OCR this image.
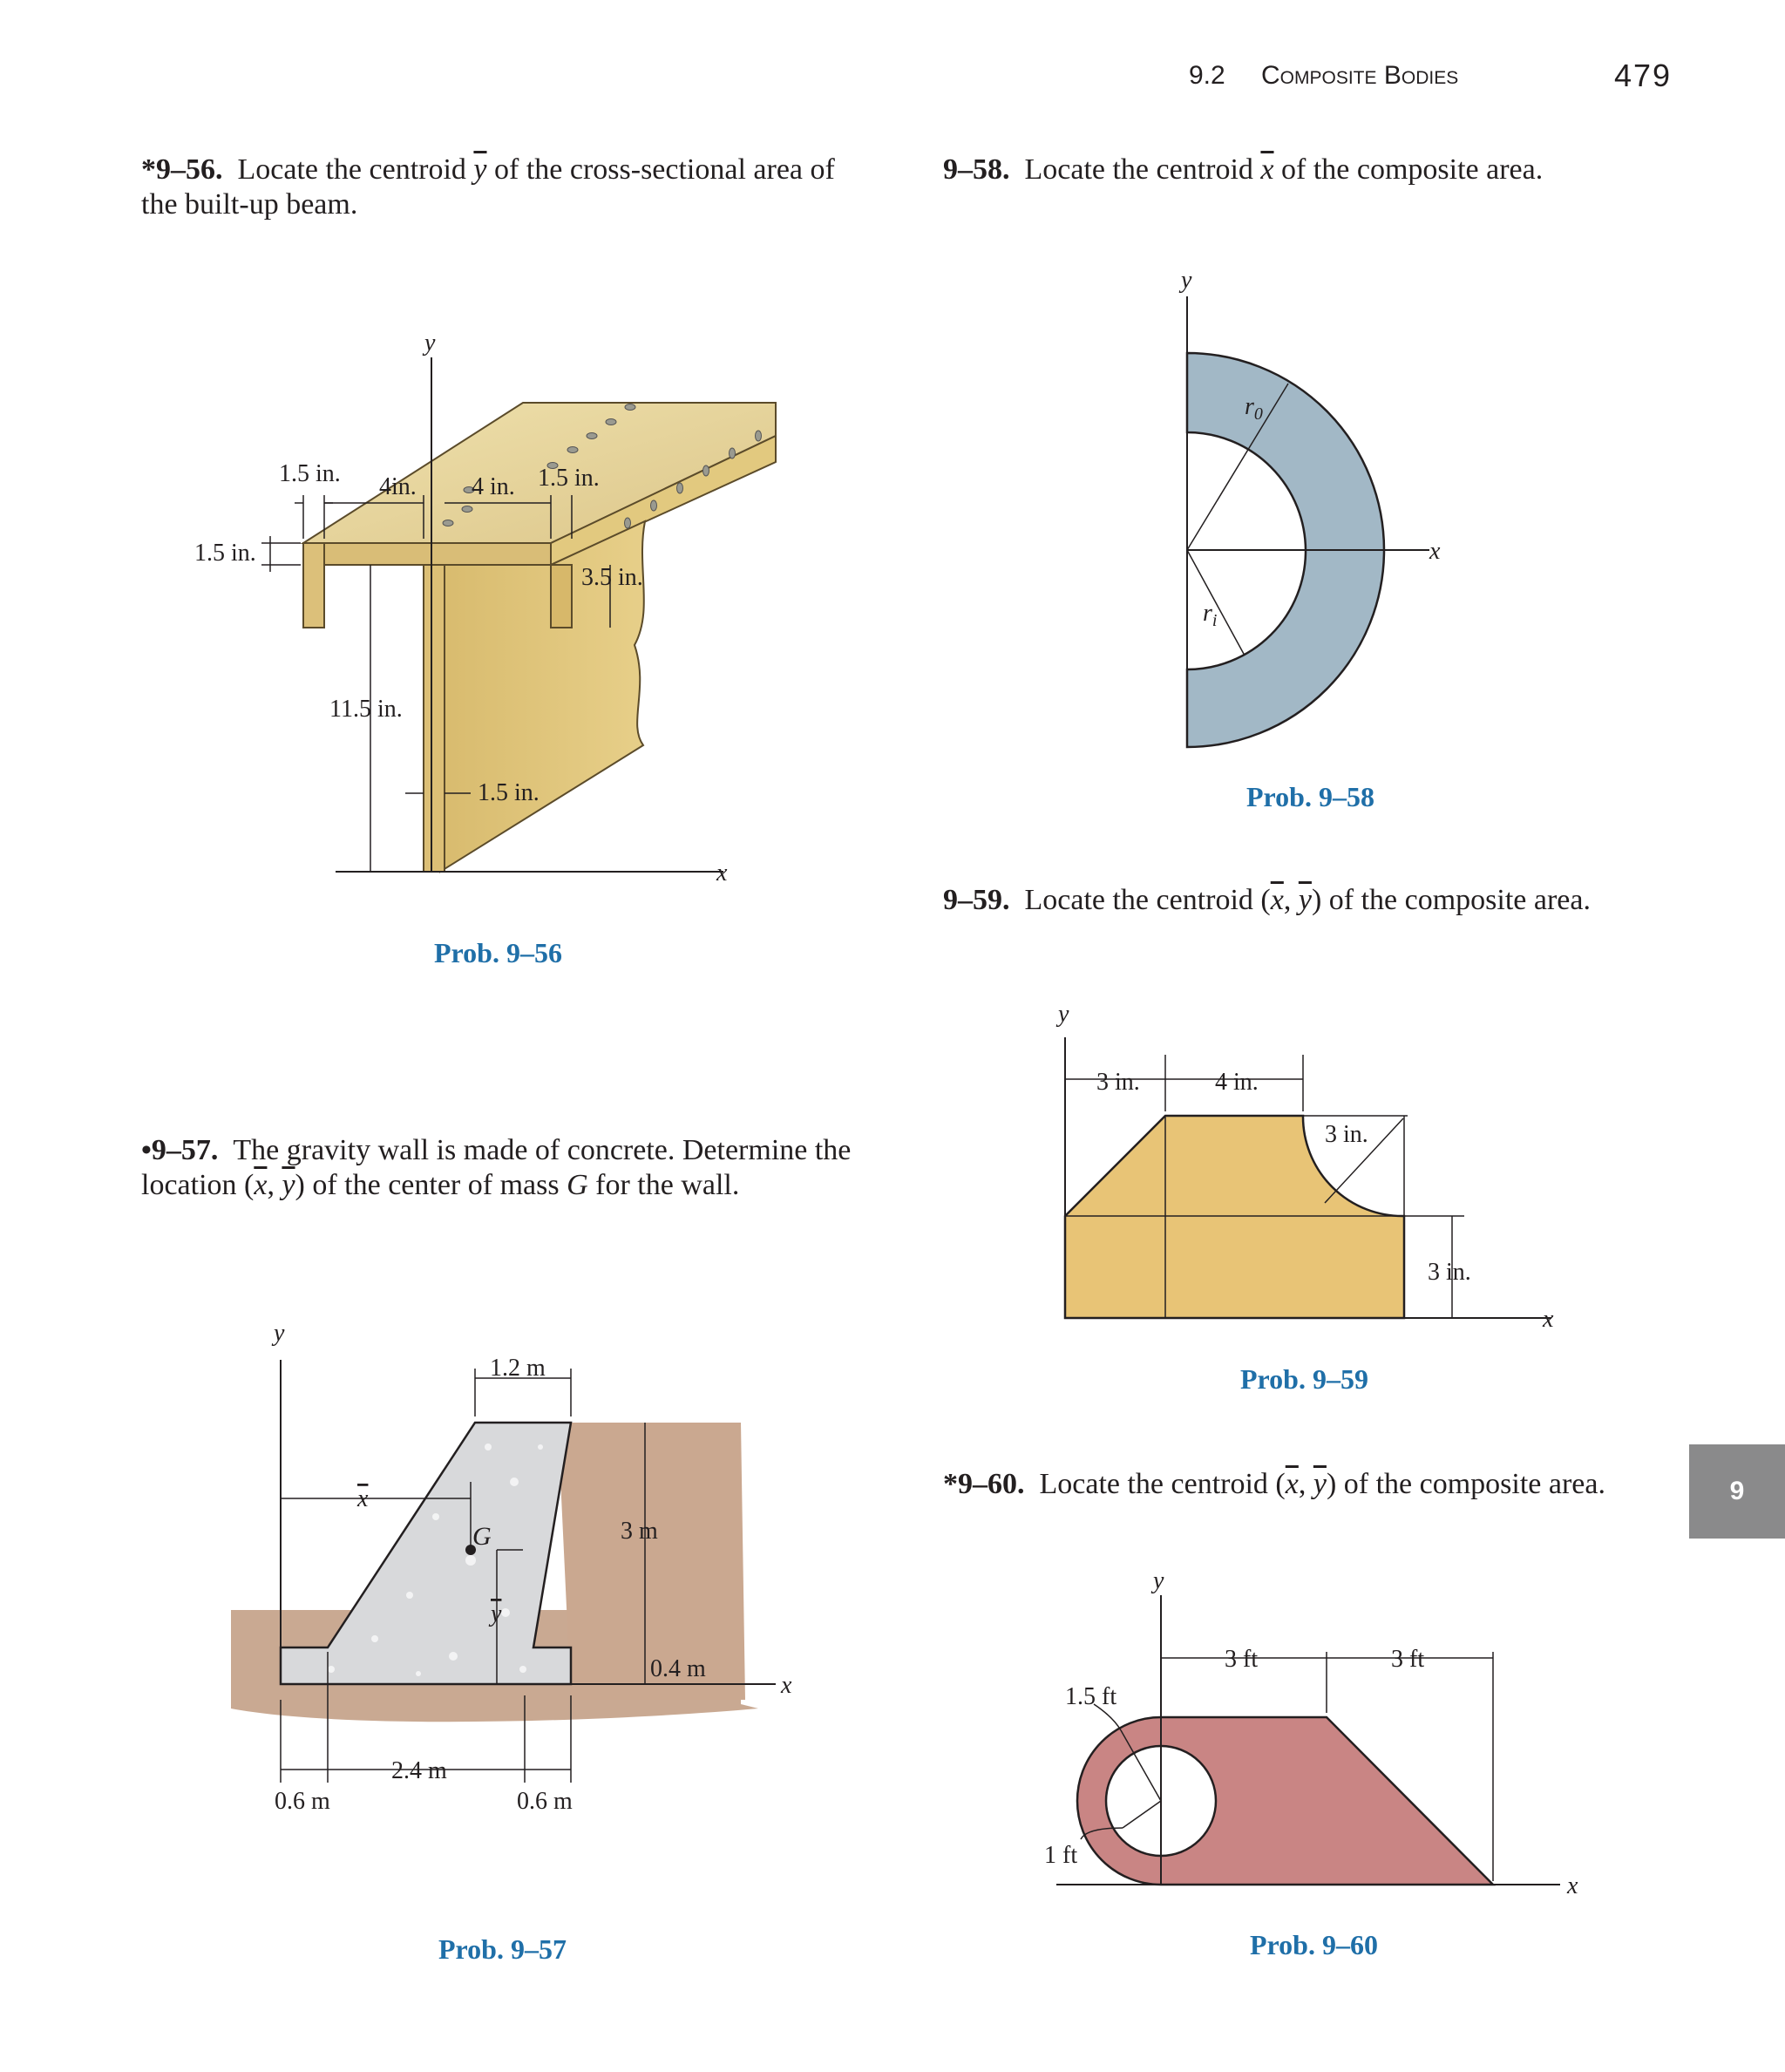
9.2 Composite Bodies	479
*9–56. Locate the centroid $\overline{y}$ of the cross-sectional area of the built-up beam.
•9–57. The gravity wall is made of concrete. Determine the location ($\overline{x}$, $\overline{y}$) of the center of mass G for the wall.
9–58. Locate the centroid $\overline{x}$ of the composite area.
9–59. Locate the centroid ($\overline{x}$, $\overline{y}$) of the composite area.
*9–60. Locate the centroid ($\overline{x}$, $\overline{y}$) of the composite area.
y
x
1.5 in. 4in. 4 in. 1.5 in.
1.5 in.
3.5 in.
11.5 in.
1.5 in.
Prob. 9–56
y
x
G
x
y
1.2 m
3 m
0.4 m
0.6 m
2.4 m
0.6 m
Prob. 9–57
y
x
$r_0$
$r_i$
Prob. 9–58
y
x
3 in.	4 in.
3 in.
3 in.
Prob. 9–59
y
x
3 ft	3 ft
1.5 ft
1 ft
Prob. 9–60
9
